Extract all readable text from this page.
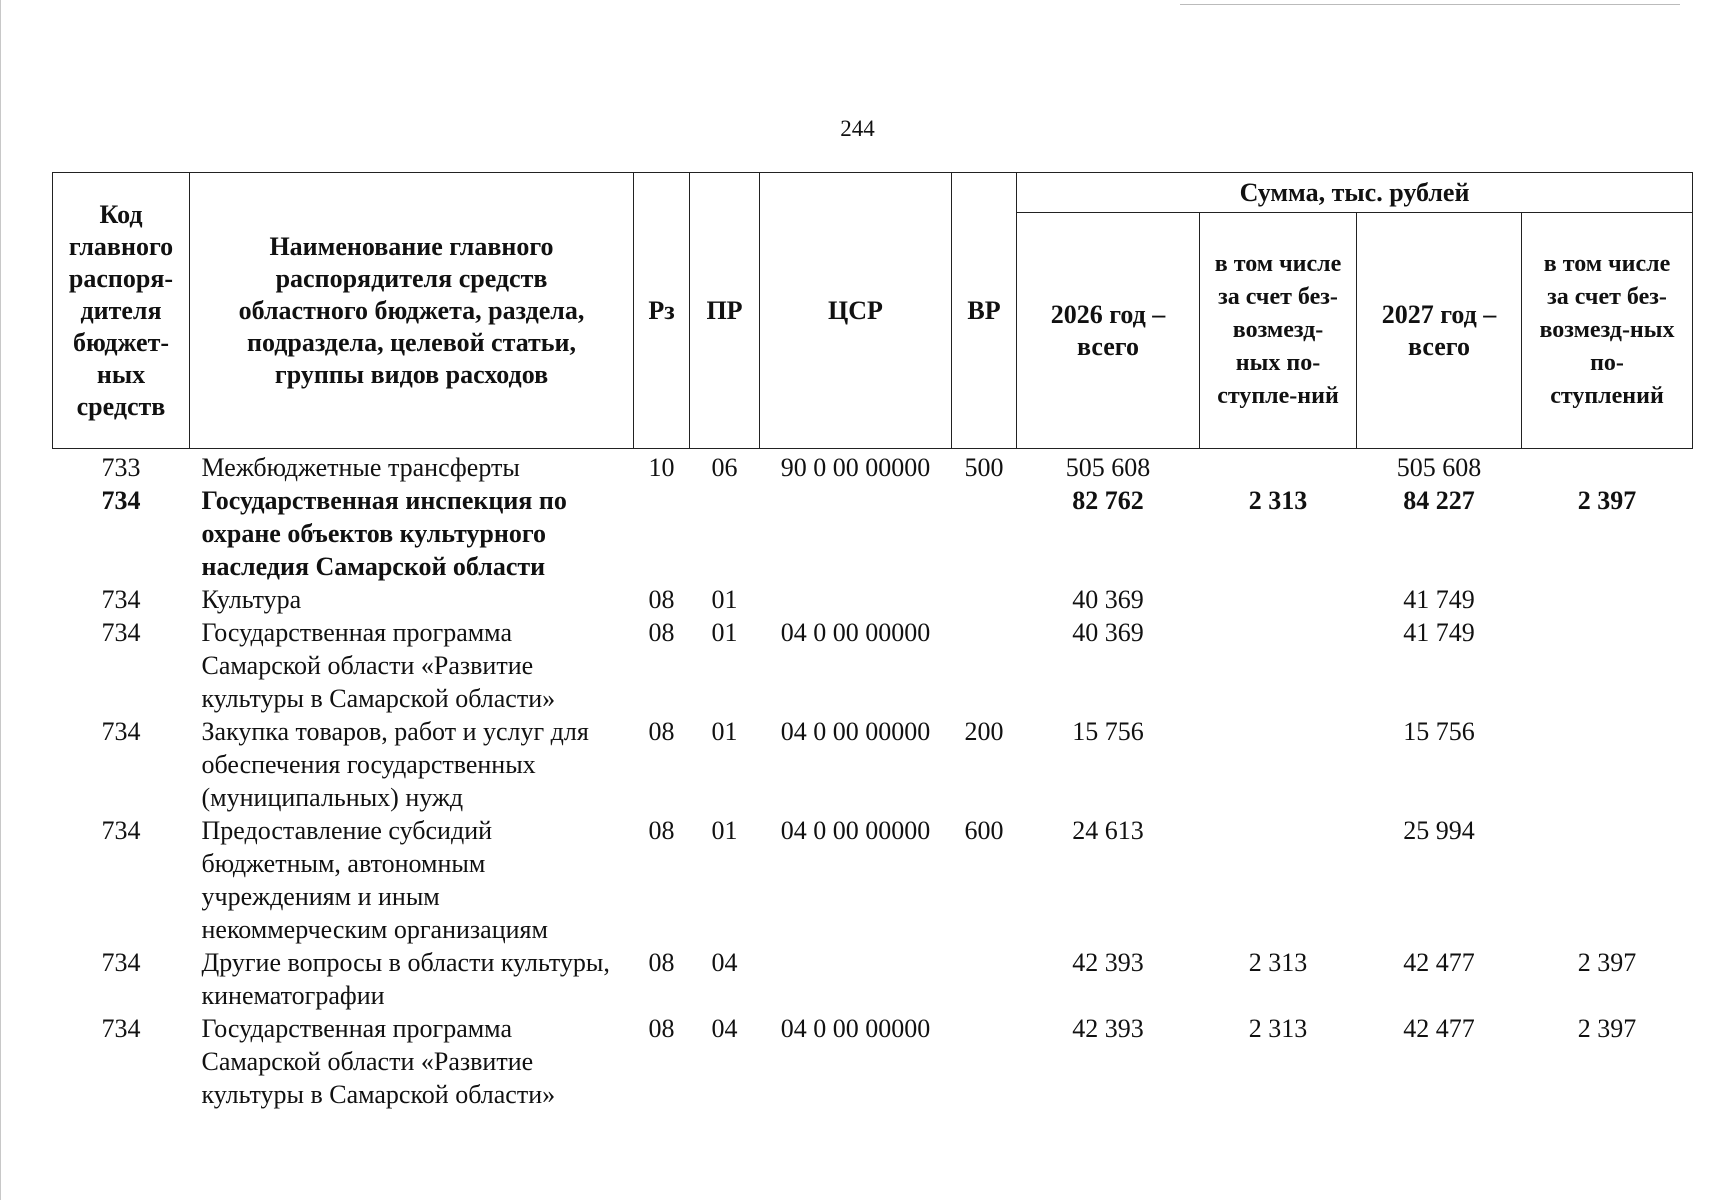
244
Код главного распоря-дителя бюджет-ных средств	Наименование главного распорядителя средств областного бюджета, раздела, подраздела, целевой статьи, группы видов расходов	Рз	ПР	ЦСР	ВР	Сумма, тыс. рублей			
						2026 год – всего	в том числе за счет без-возмезд-ных по-ступле-ний	2027 год – всего	в том числе за счет без-возмезд-ных по-ступлений
733	Межбюджетные трансферты	10	06	90 0 00 00000	500	505 608		505 608	
734	Государственная инспекция по охране объектов культурного наследия Самарской области					82 762	2 313	84 227	2 397
734	Культура	08	01			40 369		41 749	
734	Государственная программа Самарской области «Развитие культуры в Самарской области»	08	01	04 0 00 00000		40 369		41 749	
734	Закупка товаров, работ и услуг для обеспечения государственных (муниципальных) нужд	08	01	04 0 00 00000	200	15 756		15 756	
734	Предоставление субсидий бюджетным, автономным учреждениям и иным некоммерческим организациям	08	01	04 0 00 00000	600	24 613		25 994	
734	Другие вопросы в области культуры, кинематографии	08	04			42 393	2 313	42 477	2 397
734	Государственная программа Самарской области «Развитие культуры в Самарской области»	08	04	04 0 00 00000		42 393	2 313	42 477	2 397
